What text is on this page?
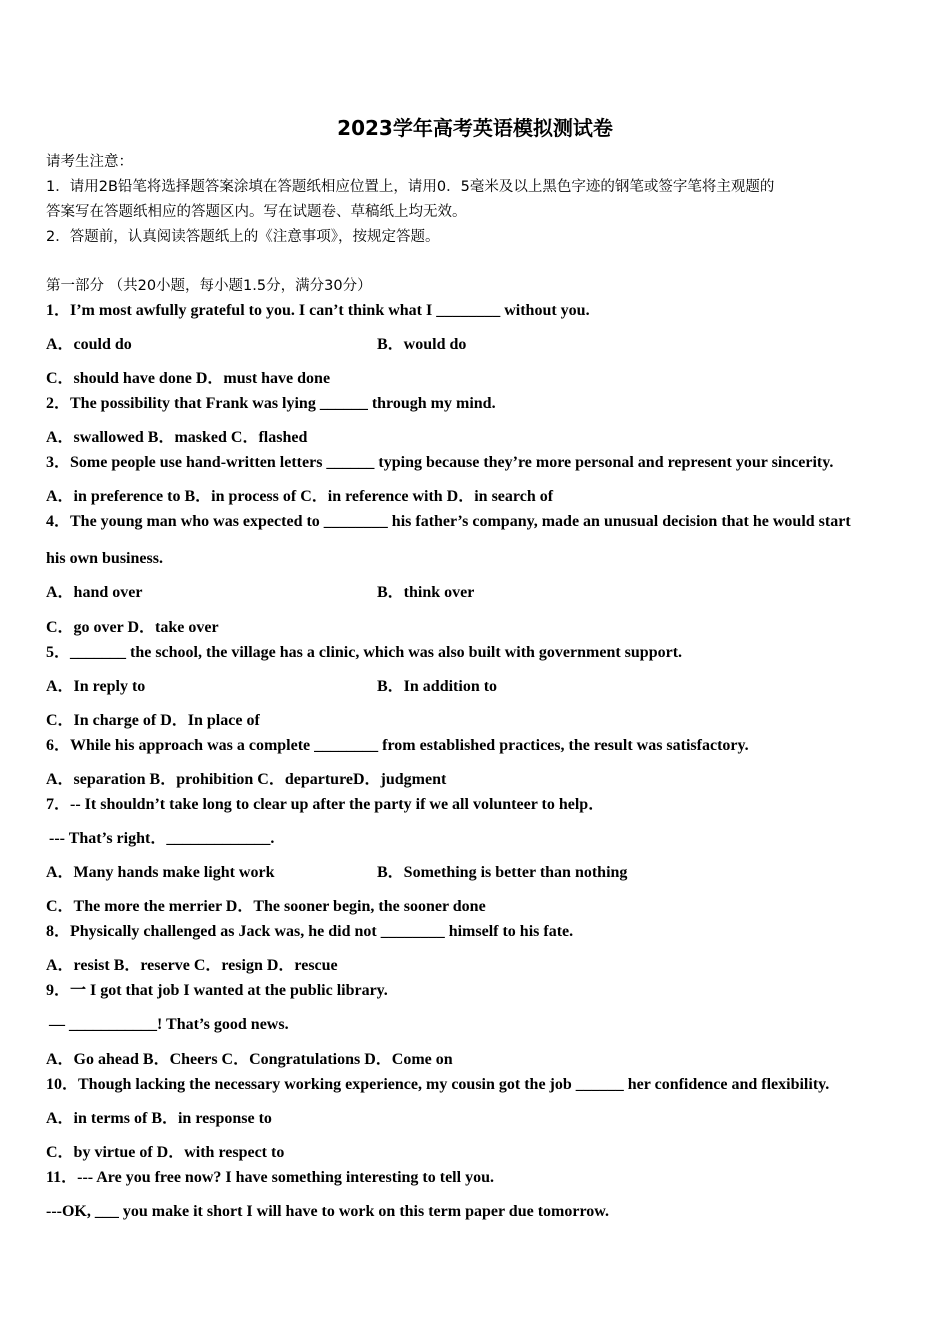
2023学年高考英语模拟测试卷
请考生注意：
1．请用2B铅笔将选择题答案涂填在答题纸相应位置上，请用0．5毫米及以上黑色字迹的钢笔或签字笔将主观题的
答案写在答题纸相应的答题区内。写在试题卷、草稿纸上均无效。
2．答题前，认真阅读答题纸上的《注意事项》，按规定答题。
第一部分 （共20小题，每小题1.5分，满分30分）
1．I’m most awfully grateful to you. I can’t think what I ________ without you.
A．could do	B．would do
C．should have done D．must have done
2．The possibility that Frank was lying ______ through my mind.
A．swallowed B．masked C．flashed
3．Some people use hand-written letters ______ typing because they’re more personal and represent your sincerity.
A．in preference to B．in process of C．in reference with D．in search of
4．The young man who was expected to ________ his father’s company, made an unusual decision that he would start
his own business.
A．hand over	B．think over
C．go over D．take over
5．_______ the school, the village has a clinic, which was also built with government support.
A．In reply to	B．In addition to
C．In charge of D．In place of
6．While his approach was a complete ________ from established practices, the result was satisfactory.
A．separation B．prohibition C．departureD．judgment
7．-- It shouldn’t take long to clear up after the party if we all volunteer to help．
--- That’s right．_____________.
A．Many hands make light work	B．Something is better than nothing
C．The more the merrier D．The sooner begin, the sooner done
8．Physically challenged as Jack was, he did not ________ himself to his fate.
A．resist B．reserve C．resign D．rescue
9．一 I got that job I wanted at the public library.
— ___________! That’s good news.
A．Go ahead B．Cheers C．Congratulations D．Come on
10．Though lacking the necessary working experience, my cousin got the job ______ her confidence and flexibility.
A．in terms of B．in response to
C．by virtue of D．with respect to
11．--- Are you free now? I have something interesting to tell you.
---OK, ___ you make it short I will have to work on this term paper due tomorrow.
